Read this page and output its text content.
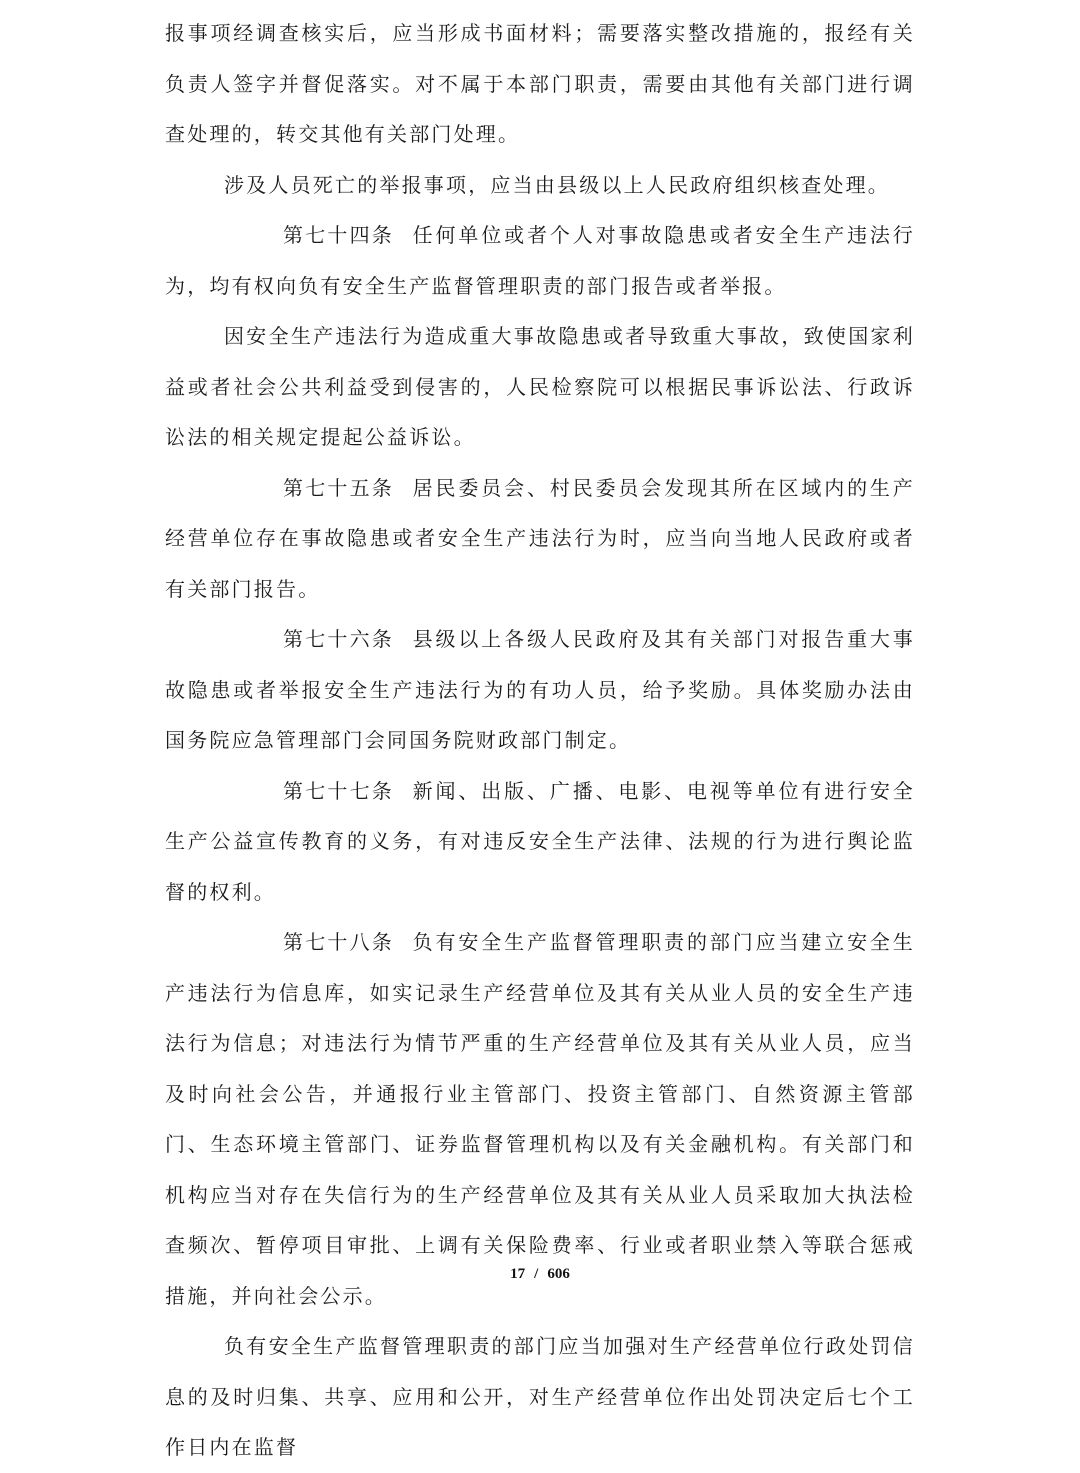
报事项经调查核实后，应当形成书面材料；需要落实整改措施的，报经有关负责人签字并督促落实。对不属于本部门职责，需要由其他有关部门进行调查处理的，转交其他有关部门处理。

涉及人员死亡的举报事项，应当由县级以上人民政府组织核查处理。

第七十四条 任何单位或者个人对事故隐患或者安全生产违法行为，均有权向负有安全生产监督管理职责的部门报告或者举报。

因安全生产违法行为造成重大事故隐患或者导致重大事故，致使国家利益或者社会公共利益受到侵害的，人民检察院可以根据民事诉讼法、行政诉讼法的相关规定提起公益诉讼。

第七十五条 居民委员会、村民委员会发现其所在区域内的生产经营单位存在事故隐患或者安全生产违法行为时，应当向当地人民政府或者有关部门报告。

第七十六条 县级以上各级人民政府及其有关部门对报告重大事故隐患或者举报安全生产违法行为的有功人员，给予奖励。具体奖励办法由国务院应急管理部门会同国务院财政部门制定。

第七十七条 新闻、出版、广播、电影、电视等单位有进行安全生产公益宣传教育的义务，有对违反安全生产法律、法规的行为进行舆论监督的权利。

第七十八条 负有安全生产监督管理职责的部门应当建立安全生产违法行为信息库，如实记录生产经营单位及其有关从业人员的安全生产违法行为信息；对违法行为情节严重的生产经营单位及其有关从业人员，应当及时向社会公告，并通报行业主管部门、投资主管部门、自然资源主管部门、生态环境主管部门、证券监督管理机构以及有关金融机构。有关部门和机构应当对存在失信行为的生产经营单位及其有关从业人员采取加大执法检查频次、暂停项目审批、上调有关保险费率、行业或者职业禁入等联合惩戒措施，并向社会公示。

负有安全生产监督管理职责的部门应当加强对生产经营单位行政处罚信息的及时归集、共享、应用和公开，对生产经营单位作出处罚决定后七个工作日内在监督

17 / 606
